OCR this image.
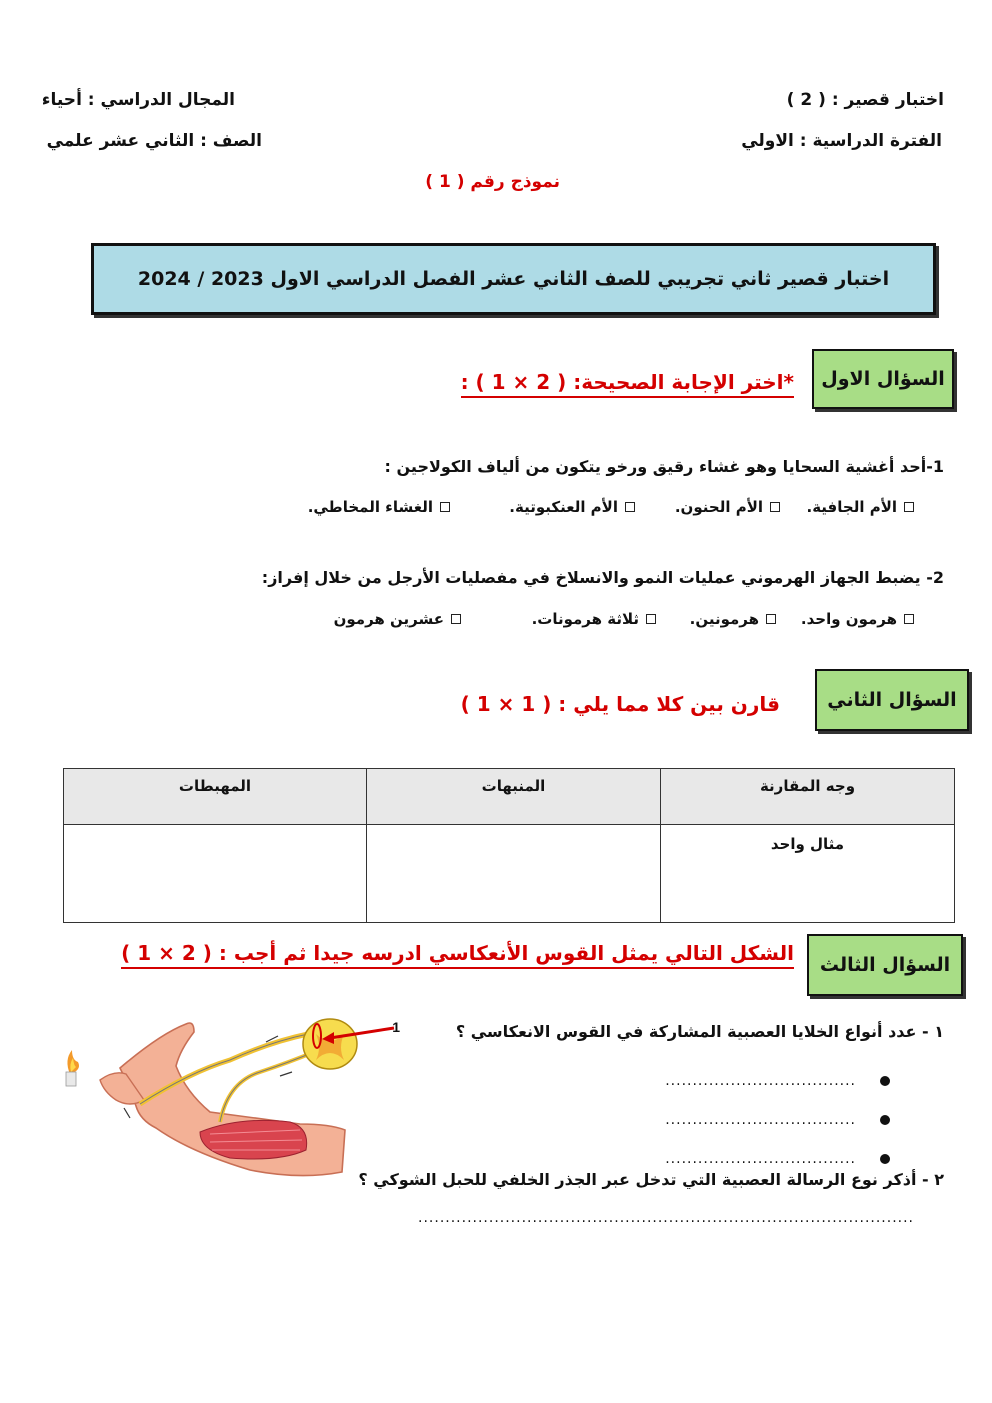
اختبار قصير : ( 2 )
المجال الدراسي : أحياء
الفترة الدراسية : الاولي
الصف : الثاني عشر علمي
نموذج رقم ( 1 )
اختبار قصير ثاني تجريبي للصف الثاني عشر الفصل الدراسي الاول 2023 / 2024
السؤال الاول
*اختر الإجابة الصحيحة: ( 2 × 1 ) :
1-أحد أغشية السحايا وهو غشاء رقيق ورخو يتكون من ألياف الكولاجين :
الأم الجافية.
الأم الحنون.
الأم العنكبوتية.
الغشاء المخاطي.
2- يضبط الجهاز الهرموني عمليات النمو والانسلاخ في مفصليات الأرجل من خلال إفراز:
هرمون واحد.
هرمونين.
ثلاثة هرمونات.
عشرين هرمون
السؤال الثاني
قارن بين كلا مما يلي : ( 1 × 1 )
وجه المقارنة	المنبهات	المهبطات
مثال واحد		
السؤال الثالث
الشكل التالي يمثل القوس الأنعكاسي ادرسه جيدا ثم أجب : ( 2 × 1 )
١ - عدد أنواع الخلايا العصبية المشاركة في القوس الانعكاسي ؟
...................................
...................................
...................................
٢ - أذكر نوع الرسالة العصبية التي تدخل عبر الجذر الخلفي للحبل الشوكي ؟
...........................................................................................
1
